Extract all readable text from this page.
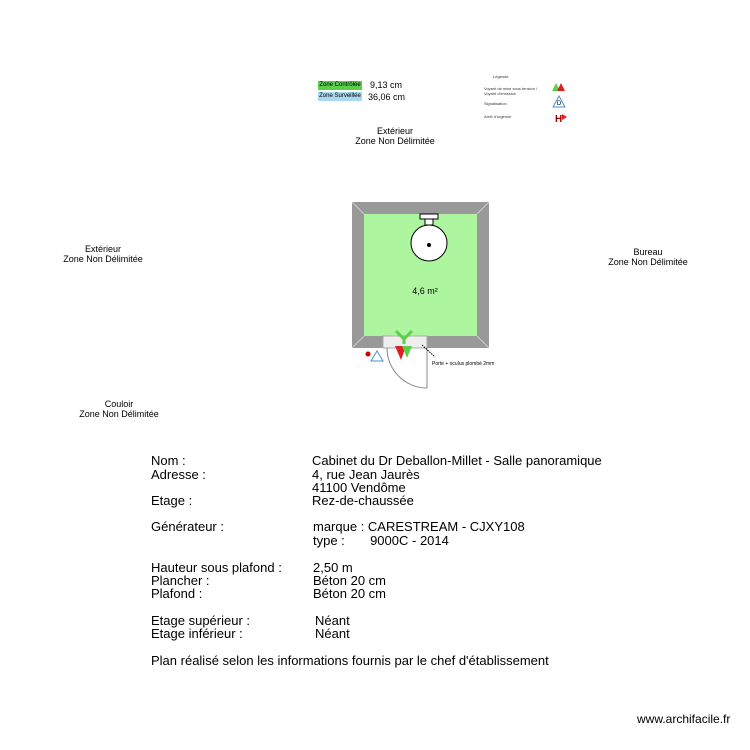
Zone Contrôlée 9,13 cm
Zone Surveillée 36,06 cm
Légende
Voyant de mise sous tension / Voyant d'émission
Signalisation
Arrêt d'urgence
D
H
Extérieur
Zone Non Délimitée
Extérieur
Zone Non Délimitée
Bureau
Zone Non Délimitée
Couloir
Zone Non Délimitée
4,6 m²
Porte + oculus plombé 2mm
Nom :	Cabinet du Dr Deballon-Millet - Salle panoramique
Adresse :	4, rue Jean Jaurès
41100 Vendôme
Etage :	Rez-de-chaussée
Générateur :	marque : CARESTREAM - CJXY108
type :       9000C - 2014
Hauteur sous plafond : 2,50 m
Plancher :	Béton 20 cm
Plafond :	Béton 20 cm
Etage supérieur :	Néant
Etage inférieur :	Néant
Plan réalisé selon les informations fournis par le chef d'établissement
www.archifacile.fr
